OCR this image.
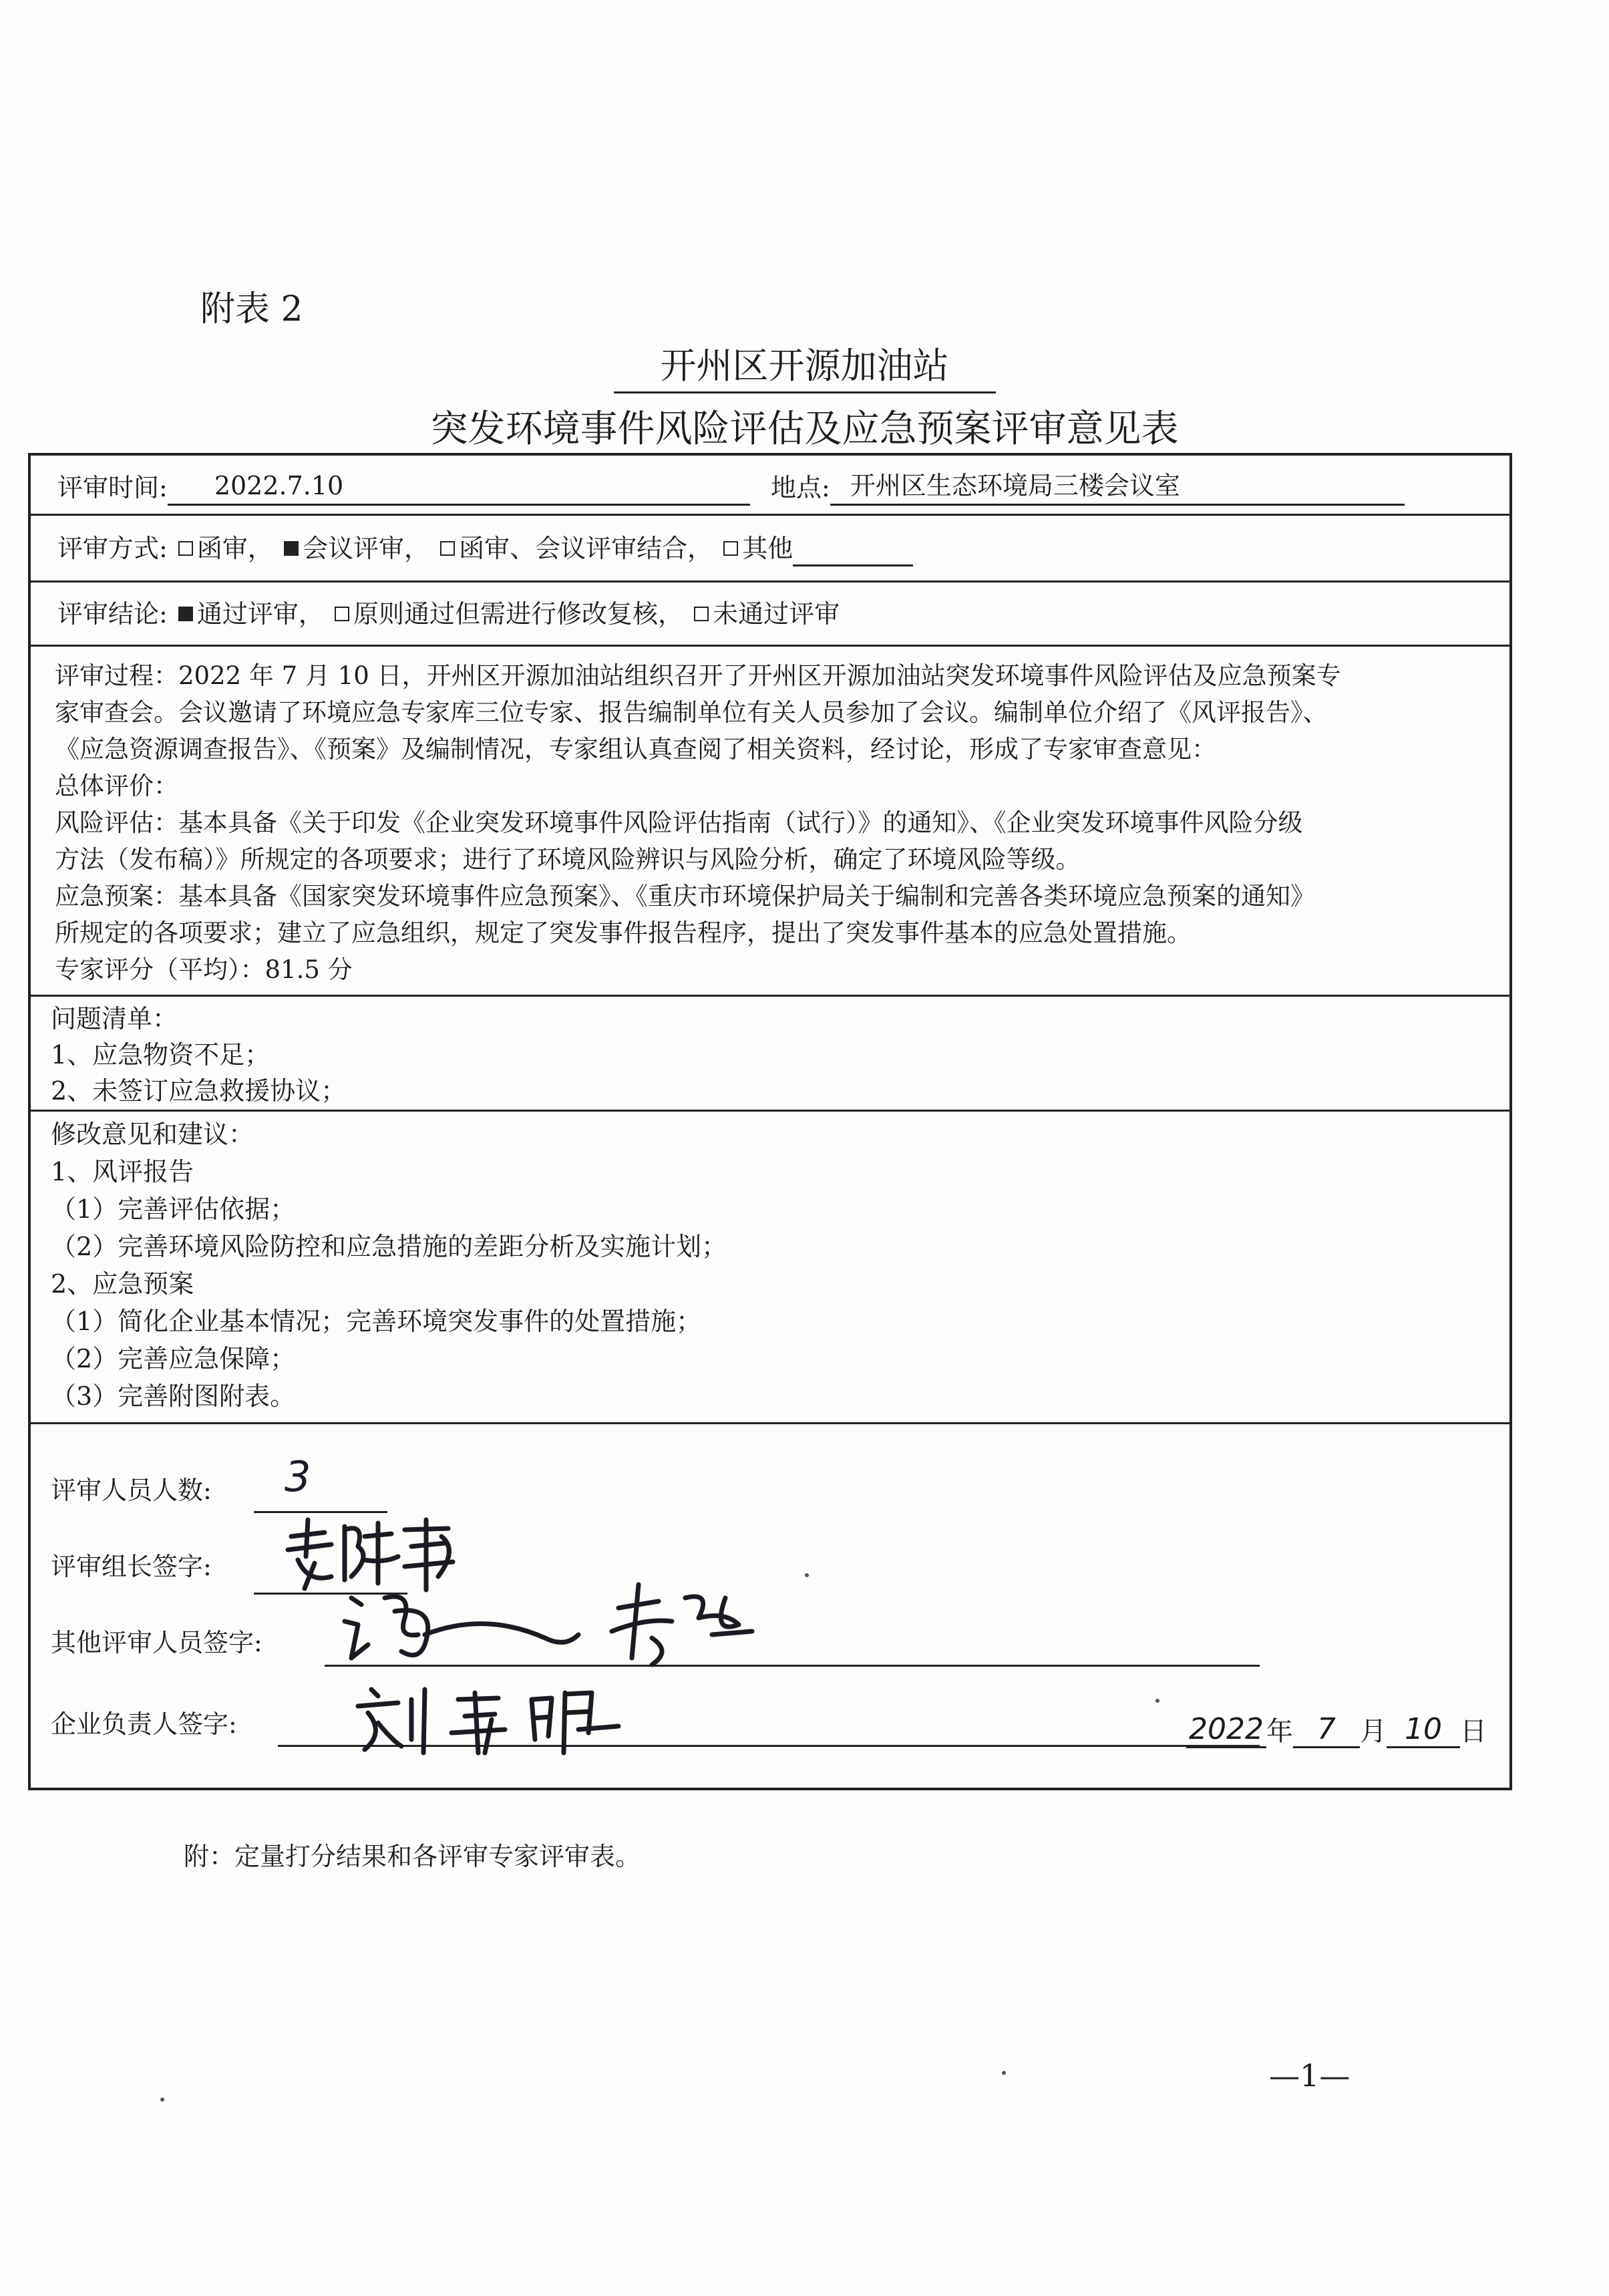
附表 2
开州区开源加油站
突发环境事件风险评估及应急预案评审意见表
评审时间: 2022.7.10	地点: 开州区生态环境局三楼会议室
评审方式: 函审， 会议评审， 函审、会议评审结合， 其他
评审结论: 通过评审， 原则通过但需进行修改复核， 未通过评审
评审过程：2022 年 7 月 10 日，开州区开源加油站组织召开了开州区开源加油站突发环境事件风险评估及应急预案专
家审查会。会议邀请了环境应急专家库三位专家、报告编制单位有关人员参加了会议。编制单位介绍了《风评报告》、
《应急资源调查报告》、《预案》及编制情况，专家组认真查阅了相关资料，经讨论，形成了专家审查意见：
总体评价：
风险评估：基本具备《关于印发《企业突发环境事件风险评估指南（试行）》的通知》、《企业突发环境事件风险分级
方法（发布稿）》所规定的各项要求；进行了环境风险辨识与风险分析，确定了环境风险等级。
应急预案：基本具备《国家突发环境事件应急预案》、《重庆市环境保护局关于编制和完善各类环境应急预案的通知》
所规定的各项要求；建立了应急组织，规定了突发事件报告程序，提出了突发事件基本的应急处置措施。
专家评分（平均）：81.5 分
问题清单：
1、应急物资不足；
2、未签订应急救援协议；
修改意见和建议：
1、风评报告
（1）完善评估依据；
（2）完善环境风险防控和应急措施的差距分析及实施计划；
2、应急预案
（1）简化企业基本情况；完善环境突发事件的处置措施；
（2）完善应急保障；
（3）完善附图附表。
评审人员人数: 3
评审组长签字:
其他评审人员签字:
企业负责人签字:	2022 年 7 月 10 日
附：定量打分结果和各评审专家评审表。
—1—
